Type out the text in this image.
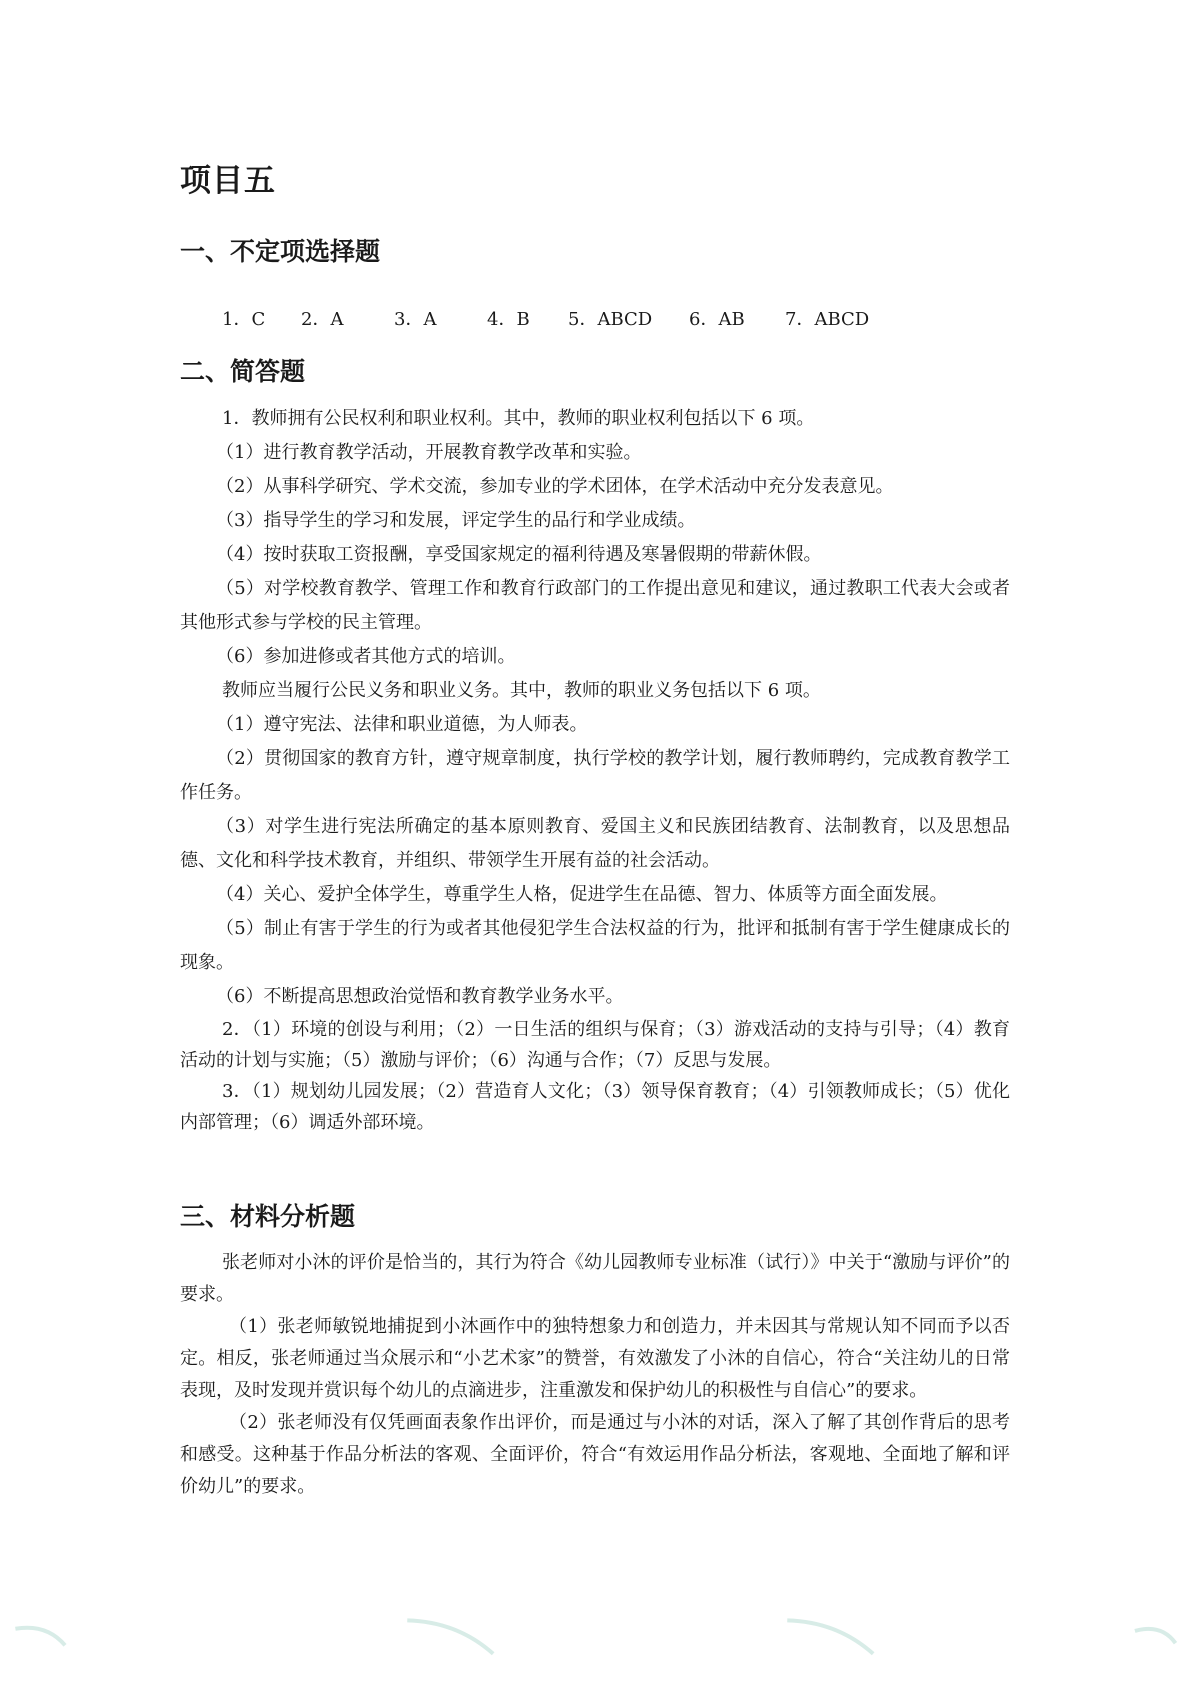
项目五
一、不定项选择题
1．C 2．A	3．A	4．B 5．ABCD 6．AB 7．ABCD
二、简答题

1．教师拥有公民权利和职业权利。其中，教师的职业权利包括以下 6 项。

（1）进行教育教学活动，开展教育教学改革和实验。

（2）从事科学研究、学术交流，参加专业的学术团体，在学术活动中充分发表意见。

（3）指导学生的学习和发展，评定学生的品行和学业成绩。

（4）按时获取工资报酬，享受国家规定的福利待遇及寒暑假期的带薪休假。

（5）对学校教育教学、管理工作和教育行政部门的工作提出意见和建议，通过教职工代表大会或者其他形式参与学校的民主管理。

（6）参加进修或者其他方式的培训。

教师应当履行公民义务和职业义务。其中，教师的职业义务包括以下 6 项。

（1）遵守宪法、法律和职业道德，为人师表。

（2）贯彻国家的教育方针，遵守规章制度，执行学校的教学计划，履行教师聘约，完成教育教学工作任务。

（3）对学生进行宪法所确定的基本原则教育、爱国主义和民族团结教育、法制教育，以及思想品德、文化和科学技术教育，并组织、带领学生开展有益的社会活动。

（4）关心、爱护全体学生，尊重学生人格，促进学生在品德、智力、体质等方面全面发展。

（5）制止有害于学生的行为或者其他侵犯学生合法权益的行为，批评和抵制有害于学生健康成长的现象。

（6）不断提高思想政治觉悟和教育教学业务水平。

2．（1）环境的创设与利用；（2）一日生活的组织与保育；（3）游戏活动的支持与引导；（4）教育活动的计划与实施；（5）激励与评价；（6）沟通与合作；（7）反思与发展。

3．（1）规划幼儿园发展；（2）营造育人文化；（3）领导保育教育；（4）引领教师成长；（5）优化内部管理；（6）调适外部环境。

三、材料分析题

张老师对小沐的评价是恰当的，其行为符合《幼儿园教师专业标准（试行）》中关于“激励与评价”的要求。

（1）张老师敏锐地捕捉到小沐画作中的独特想象力和创造力，并未因其与常规认知不同而予以否定。相反，张老师通过当众展示和“小艺术家”的赞誉，有效激发了小沐的自信心，符合“关注幼儿的日常表现，及时发现并赏识每个幼儿的点滴进步，注重激发和保护幼儿的积极性与自信心”的要求。

（2）张老师没有仅凭画面表象作出评价，而是通过与小沐的对话，深入了解了其创作背后的思考和感受。这种基于作品分析法的客观、全面评价，符合“有效运用作品分析法，客观地、全面地了解和评价幼儿”的要求。
